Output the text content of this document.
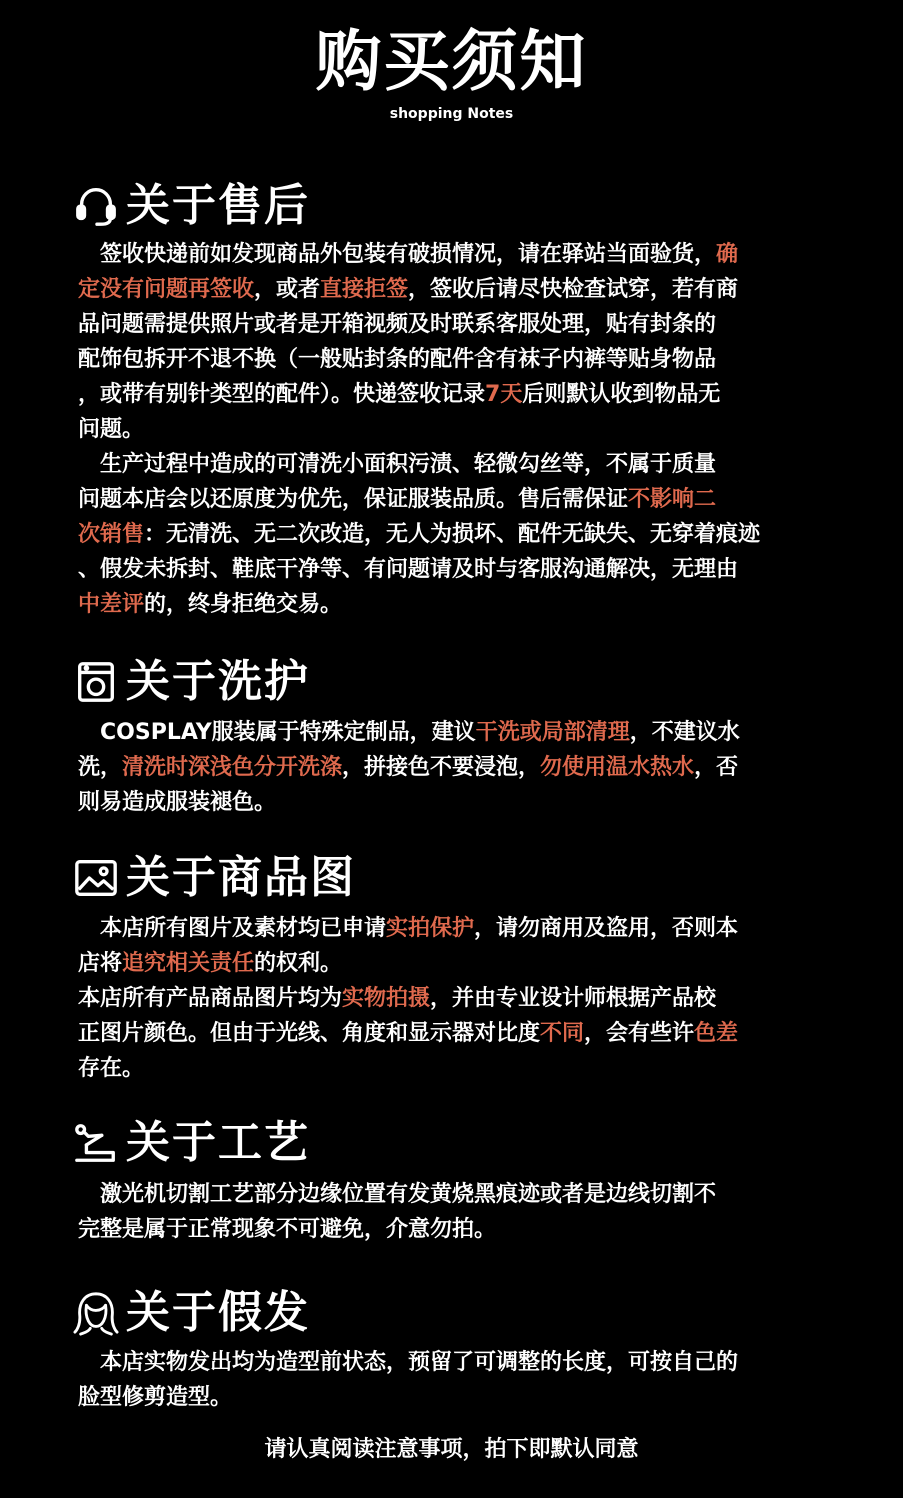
购买须知
shopping Notes
关于售后
　签收快递前如发现商品外包装有破损情况，请在驿站当面验货，确
定没有问题再签收，或者直接拒签，签收后请尽快检查试穿，若有商
品问题需提供照片或者是开箱视频及时联系客服处理，贴有封条的
配饰包拆开不退不换（一般贴封条的配件含有袜子内裤等贴身物品
，或带有别针类型的配件）。快递签收记录7天后则默认收到物品无
问题。
　生产过程中造成的可清洗小面积污渍、轻微勾丝等，不属于质量
问题本店会以还原度为优先，保证服装品质。售后需保证不影响二
次销售：无清洗、无二次改造，无人为损坏、配件无缺失、无穿着痕迹
、假发未拆封、鞋底干净等、有问题请及时与客服沟通解决，无理由
中差评的，终身拒绝交易。
关于洗护
　COSPLAY服装属于特殊定制品，建议干洗或局部清理，不建议水
洗，清洗时深浅色分开洗涤，拼接色不要浸泡，勿使用温水热水，否
则易造成服装褪色。
关于商品图
　本店所有图片及素材均已申请实拍保护，请勿商用及盗用，否则本
店将追究相关责任的权利。
本店所有产品商品图片均为实物拍摄，并由专业设计师根据产品校
正图片颜色。但由于光线、角度和显示器对比度不同，会有些许色差
存在。
关于工艺
　激光机切割工艺部分边缘位置有发黄烧黑痕迹或者是边线切割不
完整是属于正常现象不可避免，介意勿拍。
关于假发
　本店实物发出均为造型前状态，预留了可调整的长度，可按自己的
脸型修剪造型。
请认真阅读注意事项，拍下即默认同意
